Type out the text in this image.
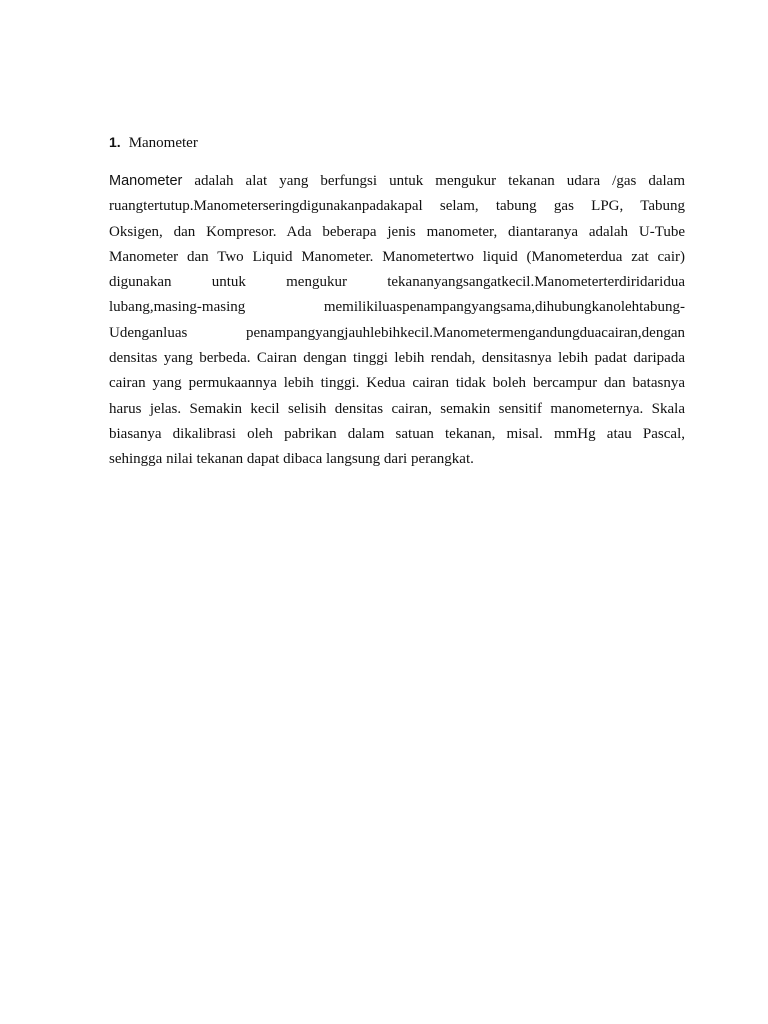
1. Manometer
Manometer adalah alat yang berfungsi untuk mengukur tekanan udara /gas dalam
ruangtertutup.Manometerseringdigunakanpadakapal selam, tabung gas LPG, Tabung
Oksigen, dan Kompresor. Ada beberapa jenis manometer, diantaranya adalah U-Tube
Manometer dan Two Liquid Manometer. Manometertwo liquid (Manometerdua zat cair)
digunakan untuk mengukur tekananyangsangatkecil.Manometerterdiridaridua
lubang,masing-masing memilikiluaspenampangyangsama,dihubungkanolehtabung-
Udenganluas penampangyangjauhlebihkecil.Manometermengandungduacairan,dengan
densitas yang berbeda. Cairan dengan tinggi lebih rendah, densitasnya lebih padat daripada
cairan yang permukaannya lebih tinggi. Kedua cairan tidak boleh bercampur dan batasnya
harus jelas. Semakin kecil selisih densitas cairan, semakin sensitif manometernya. Skala
biasanya dikalibrasi oleh pabrikan dalam satuan tekanan, misal. mmHg atau Pascal,
sehingga nilai tekanan dapat dibaca langsung dari perangkat.
